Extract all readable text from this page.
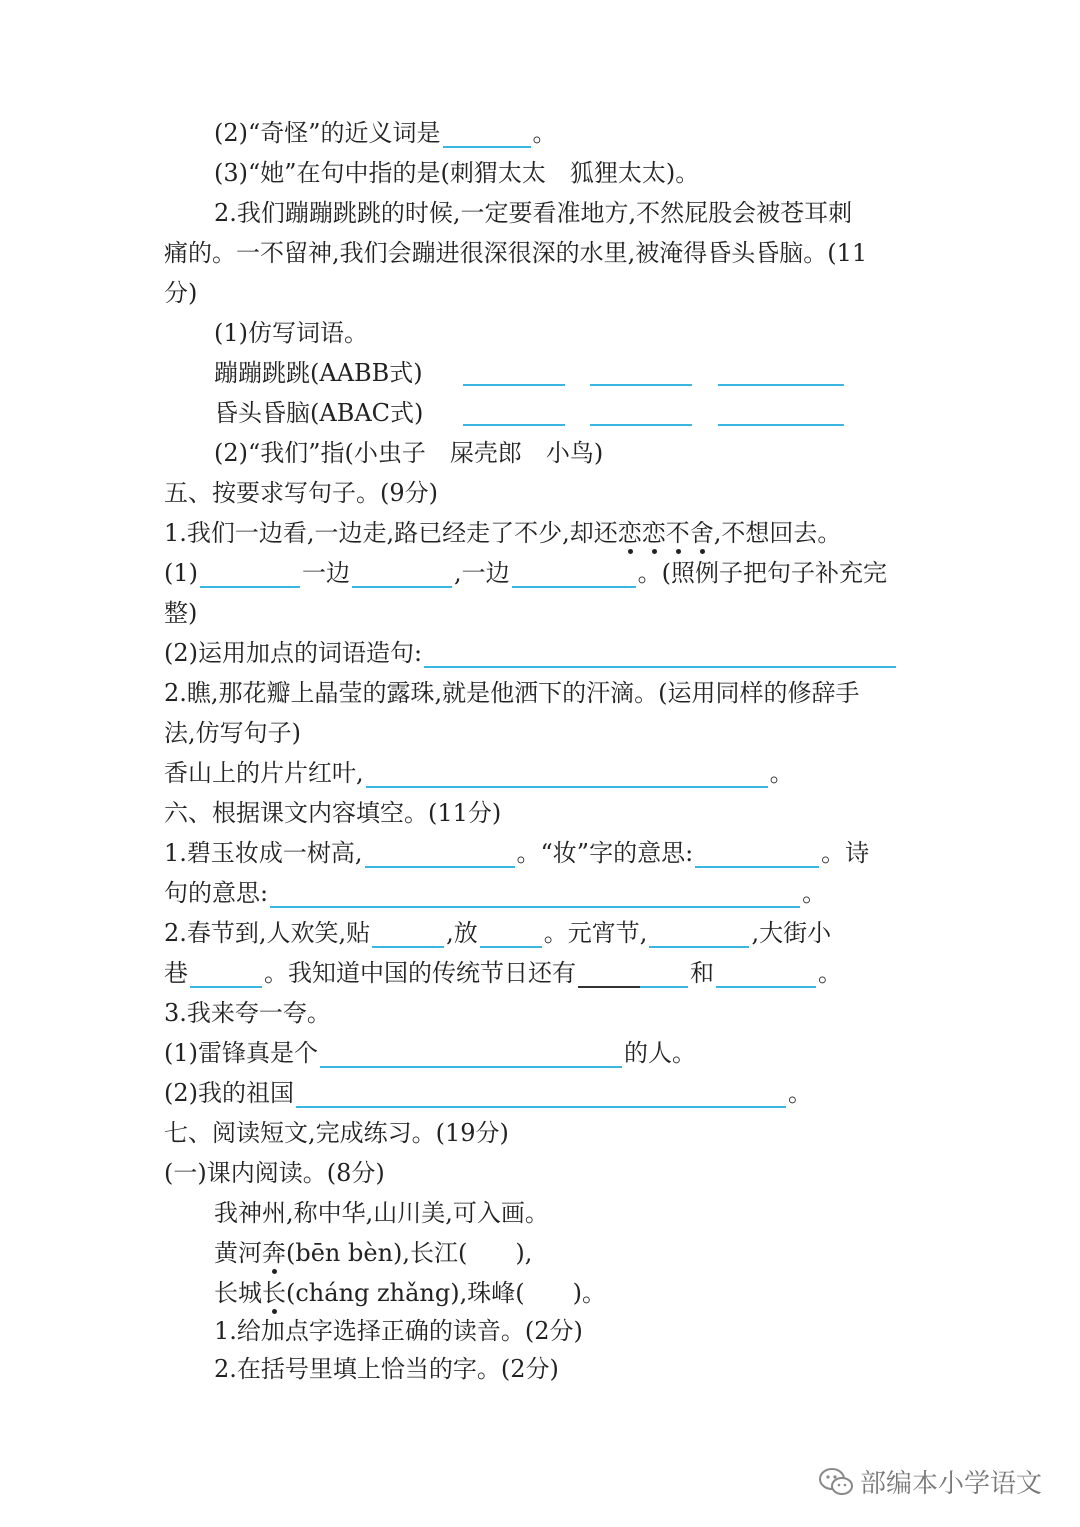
(2)“奇怪”的近义词是	。
(3)“她”在句中指的是(刺猬太太　狐狸太太)。
2.我们蹦蹦跳跳的时候,一定要看准地方,不然屁股会被苍耳刺
痛的。一不留神,我们会蹦进很深很深的水里,被淹得昏头昏脑。(11
分)
(1)仿写词语。
蹦蹦跳跳(AABB式)
昏头昏脑(ABAC式)
(2)“我们”指(小虫子　屎壳郎　小鸟)
五、按要求写句子。(9分)
1.我们一边看,一边走,路已经走了不少,却还恋恋不舍,不想回去。
(1)	一边	,一边	。(照例子把句子补充完
整)
(2)运用加点的词语造句:
2.瞧,那花瓣上晶莹的露珠,就是他洒下的汗滴。(运用同样的修辞手
法,仿写句子)
香山上的片片红叶,	。
六、根据课文内容填空。(11分)
1.碧玉妆成一树高,	。“妆”字的意思:	。诗
句的意思:	。
2.春节到,人欢笑,贴	,放	。元宵节,	,大街小
巷	。我知道中国的传统节日还有	和	。
3.我来夸一夸。
(1)雷锋真是个	的人。
(2)我的祖国	。
七、阅读短文,完成练习。(19分)
(一)课内阅读。(8分)
我神州,称中华,山川美,可入画。
黄河奔(bēn bèn),长江(　　),
长城长(cháng zhǎng),珠峰(　　)。
1.给加点字选择正确的读音。(2分)
2.在括号里填上恰当的字。(2分)
部编本小学语文
